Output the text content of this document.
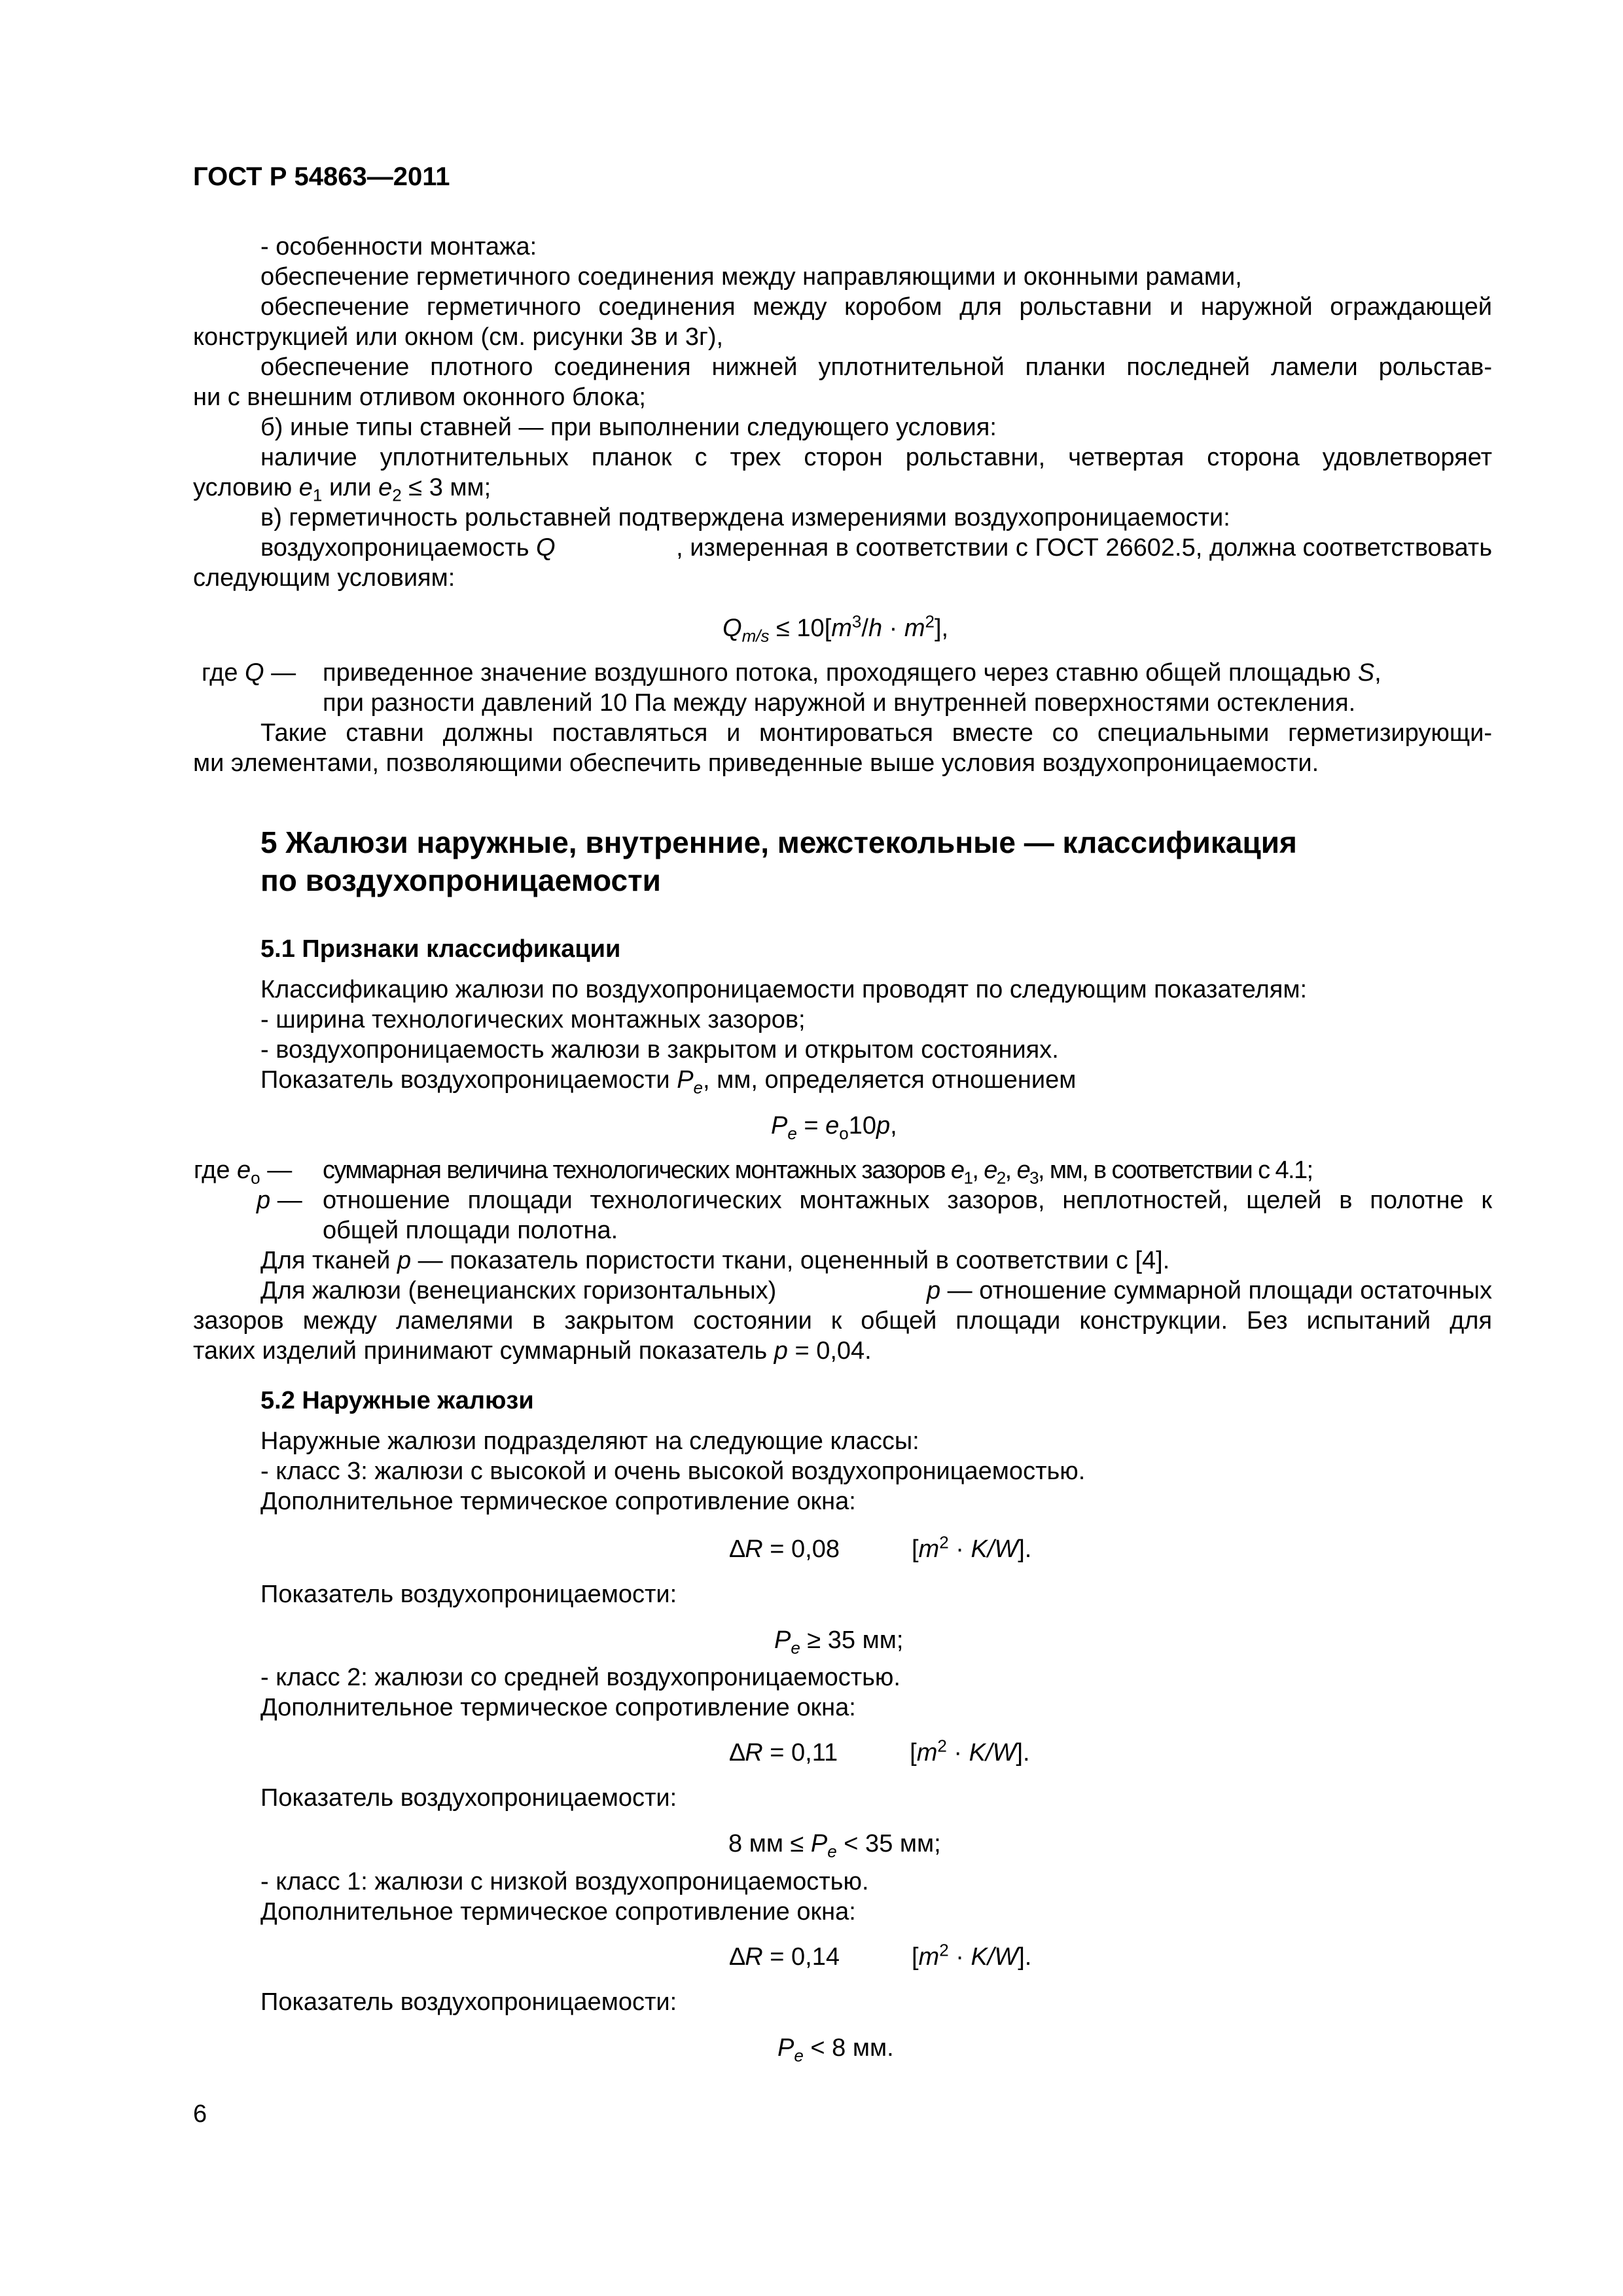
ГОСТ Р 54863—2011
- особенности монтажа:
обеспечение герметичного соединения между направляющими и оконными рамами,
обеспечение герметичного соединения между коробом для рольставни и наружной ограждающей
конструкцией или окном (см. рисунки 3в и 3г),
обеспечение плотного соединения нижней уплотнительной планки последней ламели рольстав-
ни с внешним отливом оконного блока;
б) иные типы ставней — при выполнении следующего условия:
наличие уплотнительных планок с трех сторон рольставни, четвертая сторона удовлетворяет
условию $e_1$ или $e_2 \le 3$ мм;
в) герметичность рольставней подтверждена измерениями воздухопроницаемости:
воздухопроницаемость Q	, измеренная в соответствии с ГОСТ 26602.5, должна соответствовать
следующим условиям:
$Q_{m/s} \le 10[m^3/h \cdot m^2]$,
где Q — приведенное значение воздушного потока, проходящего через ставню общей площадью S,
при разности давлений 10 Па между наружной и внутренней поверхностями остекления.
Такие ставни должны поставляться и монтироваться вместе со специальными герметизирующи-
ми элементами, позволяющими обеспечить приведенные выше условия воздухопроницаемости.
5 Жалюзи наружные, внутренние, межстекольные — классификация
по воздухопроницаемости
5.1 Признаки классификации
Классификацию жалюзи по воздухопроницаемости проводят по следующим показателям:
- ширина технологических монтажных зазоров;
- воздухопроницаемость жалюзи в закрытом и открытом состояниях.
Показатель воздухопроницаемости $P_e$, мм, определяется отношением
$P_e = e_o10p$,
где $e_o$ — суммарная величина технологических монтажных зазоров $e_1$, $e_2$, $e_3$, мм, в соответствии с 4.1;
p — отношение площади технологических монтажных зазоров, неплотностей, щелей в полотне к
общей площади полотна.
Для тканей p — показатель пористости ткани, оцененный в соответствии с [4].
Для жалюзи (венецианских горизонтальных)	p — отношение суммарной площади остаточных
зазоров между ламелями в закрытом состоянии к общей площади конструкции. Без испытаний для
таких изделий принимают суммарный показатель p = 0,04.
5.2 Наружные жалюзи
Наружные жалюзи подразделяют на следующие классы:
- класс 3: жалюзи с высокой и очень высокой воздухопроницаемостью.
Дополнительное термическое сопротивление окна:
∆R = 0,08	$[m^2 \cdot K/W]$.
Показатель воздухопроницаемости:
$P_e \ge 35$ мм;
- класс 2: жалюзи со средней воздухопроницаемостью.
Дополнительное термическое сопротивление окна:
∆R = 0,11	$[m^2 \cdot K/W]$.
Показатель воздухопроницаемости:
8 мм ≤ $P_e < 35$ мм;
- класс 1: жалюзи с низкой воздухопроницаемостью.
Дополнительное термическое сопротивление окна:
∆R = 0,14	$[m^2 \cdot K/W]$.
Показатель воздухопроницаемости:
$P_e < 8$ мм.
6
